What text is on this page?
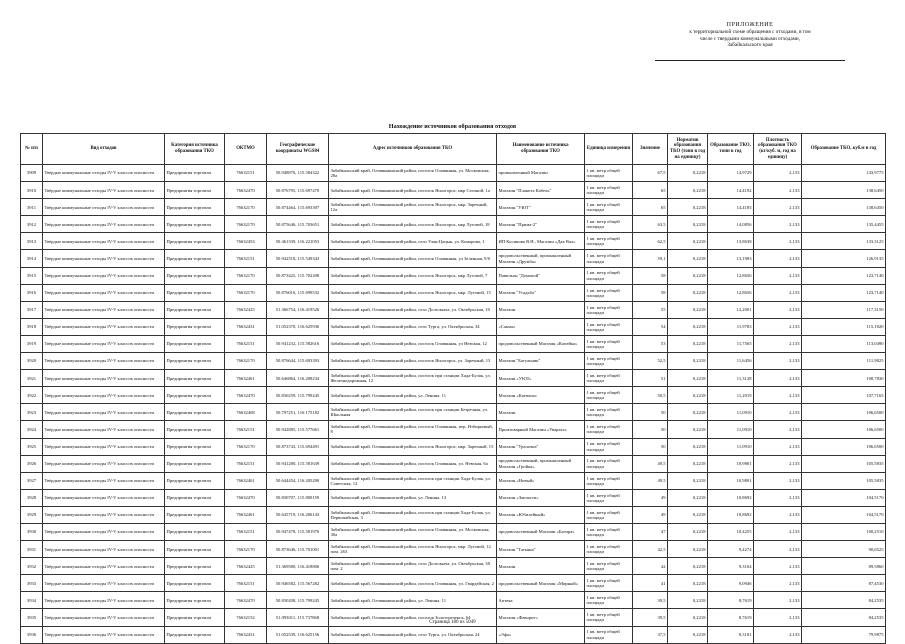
ПРИЛОЖЕНИЕ
к территориальной схеме обращения с отходами, в том
числе с твердыми коммунальными отходами,
Забайкальского края
Нахождение источников образования отходов
№ п/п	Вид отходов	Категория источника образования ТКО	ОКТМО	Географические координаты WGS84	Адрес источников образования ТКО	Наименование источника образования ТКО	Единица измерения	Значение	Норматив образования ТКО (тонн в год на единицу)	Образование ТКО, тонн в год	Плотность образования ТКО (кг/куб. м, год на единицу)	Образование ТКО, куб.м в год
3909	Твёрдые коммунальные отходы IV-V классов опасности	Предприятия торговли	76632151	50.948876, 115.584322	Забайкальский край, Оловяннинский район, поселок Оловянная, ул. Московская, 28а	промышленный Магазин	1 кв. метр общей площади	67,5	0,2218	14,9729	2,133	143,9775
3910	Твёрдые коммунальные отходы IV-V классов опасности	Предприятия торговли	76632470	50.876795, 115.697470	Забайкальский край, Оловяннинский район, поселок Ясногорск, мкр Степной, 1а	Магазин "Планета Кабель"	1 кв. метр общей площади	65	0,2218	14,4192	2,133	138,6450
3911	Твёрдые коммунальные отходы IV-V классов опасности	Предприятия торговли	76632170	50.874464, 115.693397	Забайкальский край, Оловяннинский район, поселок Ясногорск, мкр. Заречный, 12а	Магазин "УЮТ"	1 кв. метр общей площади	65	0,2218	14,4185	2,133	138,6450
3912	Твёрдые коммунальные отходы IV-V классов опасности	Предприятия торговли	76632170	50.875646, 115.703651	Забайкальский край, Оловяннинский район, поселок Ясногорск, мкр Луговой, 18	Магазин "Прима-2"	1 кв. метр общей площади	63,5	0,2218	14,0856	2,133	135,4455
3913	Твёрдые коммунальные отходы IV-V классов опасности	Предприятия торговли	76632453	50.461339, 116.221053	Забайкальский край, Оловяннинский район, село Улан-Цацык, ул. Комарова, 1	ИП Косинова В.Н., Магазин «Дак Вал»	1 кв. метр общей площади	62,5	0,2218	13,8638	2,133	133,3125
3914	Твёрдые коммунальные отходы IV-V классов опасности	Предприятия торговли	76632151	50.942518, 115.549343	Забайкальский край, Оловяннинский район, поселок Оловянная, ул Зеленная, 9/б	продовольственный, промышленный Магазин «Дружба»	1 кв. метр общей площади	59,1	0,2218	13,1983	2,133	126,9135
3915	Твёрдые коммунальные отходы IV-V классов опасности	Предприятия торговли	76632170	50.873425, 115.702208	Забайкальский край, Оловяннинский район, поселок Ясногорск, мкр Луговой, 7	Павильон "Домовой"	1 кв. метр общей площади	58	0,2218	12,8656	2,133	123,7140
3916	Твёрдые коммунальные отходы IV-V классов опасности	Предприятия торговли	76632170	50.876016, 115.699532	Забайкальский край, Оловяннинский район, поселок Ясногорск, мкр. Луговой, 15	Магазин "Усадьба"	1 кв. метр общей площади	58	0,2218	12,8656	2,133	123,7140
3917	Твёрдые коммунальные отходы IV-V классов опасности	Предприятия торговли	76632425	51.366754, 116.419526	Забайкальский край, Оловяннинский район, село Долгокыча, ул. Октябрьская, 10	Магазин	1 кв. метр общей площади	55	0,2218	12,2001	2,133	117,3150
3918	Твёрдые коммунальные отходы IV-V классов опасности	Предприятия торговли	76632431	51.052370, 116.625936	Забайкальский край, Оловяннинский район, село Турга, ул. Октябрьская, 34	«Сакма»	1 кв. метр общей площади	54	0,2218	11,9783	2,133	115,1820
3919	Твёрдые коммунальные отходы IV-V классов опасности	Предприятия торговли	76632151	50.941232, 115.582616	Забайкальский край, Оловяннинский район, поселок Оловянная, ул Невская, 12	продовольственный Магазин «Копейка»	1 кв. метр общей площади	53	0,2218	11,7565	2,133	113,0490
3920	Твёрдые коммунальные отходы IV-V классов опасности	Предприятия торговли	76632170	50.876644, 115.693393	Забайкальский край, Оловяннинский район, поселок Ясногорск, ул. Заречный, 13	Магазин "Багульник"	1 кв. метр общей площади	52,5	0,2218	11,6456	2,133	111,9825
3921	Твёрдые коммунальные отходы IV-V классов опасности	Предприятия торговли	76632461	50.646864, 116.208234	Забайкальский край, Оловяннинский район, поселок при станции Хада-Булак, ул. Железнодорожная, 12	Магазин «УЮТ»	1 кв. метр общей площади	51	0,2218	11,3128	2,133	108,7830
3922	Твёрдые коммунальные отходы IV-V классов опасности	Предприятия торговли	76632470	50.830259, 115.799245	Забайкальский край, Оловяннинский район, ул. Ленина, 11	Магазин «Катюша»	1 кв. метр общей площади	50,5	0,2218	11,2019	2,133	107,7165
3923	Твёрдые коммунальные отходы IV-V классов опасности	Предприятия торговли	76632408	50.797251, 116.175182	Забайкальский край, Оловяннинский район, поселок при станции Безречная, ул. Школьная	Магазин	1 кв. метр общей площади	50	0,2218	11,0910	2,133	106,6500
3924	Твёрдые коммунальные отходы IV-V классов опасности	Предприятия торговли	76632151	50.942885, 115.577661	Забайкальский край, Оловяннинский район, поселок Оловянная, пер. Избирьевый, 8	Промтоварный Магазин «Уварата»	1 кв. метр общей площади	50	0,2218	11,0910	2,133	106,6500
3925	Твёрдые коммунальные отходы IV-V классов опасности	Предприятия торговли	76632170	50.873743, 115.694491	Забайкальский край, Оловяннинский район, поселок Ясногорск, мкр. Заречный, 15	Магазин "Уралочка"	1 кв. метр общей площади	50	0,2218	11,0910	2,133	106,6500
3926	Твёрдые коммунальные отходы IV-V классов опасности	Предприятия торговли	76632151	50.941280, 115.581639	Забайкальский край, Оловяннинский район, поселок Оловянная, ул. Невская, 6а	продовольственный, промышленный Магазин «Гройка»	1 кв. метр общей площади	49,5	0,2218	10,9801	2,133	105,5835
3927	Твёрдые коммунальные отходы IV-V классов опасности	Предприятия торговли	76632461	50.644454, 116.205290	Забайкальский край, Оловяннинский район, поселок при станции Хада-Булак, ул. Советская, 12	Магазин «Новый»	1 кв. метр общей площади	49,5	0,2218	10,9801	2,133	105,5835
3928	Твёрдые коммунальные отходы IV-V классов опасности	Предприятия торговли	76632470	50.830707, 115.800159	Забайкальский край, Оловяннинский район, ул. Ленина, 13	Магазин «Запчасти»	1 кв. метр общей площади	49	0,2218	10,8692	2,133	104,5170
3929	Твёрдые коммунальные отходы IV-V классов опасности	Предприятия торговли	76632461	50.645719, 116.206143	Забайкальский край, Оловяннинский район, поселок при станции Хада-Булак, ул. Первомайская, 3	Магазин «Юбилейный»	1 кв. метр общей площади	49	0,2218	10,8692	2,133	104,5170
3930	Твёрдые коммунальные отходы IV-V классов опасности	Предприятия торговли	76632151	50.947478, 115.581976	Забайкальский край, Оловяннинский район, поселок Оловянная, ул. Московская, 30а	продовольственный Магазин «Багира»	1 кв. метр общей площади	47	0,2218	10,4255	2,133	100,2510
3931	Твёрдые коммунальные отходы IV-V классов опасности	Предприятия торговли	76632170	50.873646, 115.701001	Забайкальский край, Оловяннинский район, поселок Ясногорск, мкр. Луговой, 12 пом. 263	Магазин "Татьяна"	1 кв. метр общей площади	42,5	0,2218	9,4274	2,133	90,6525
3932	Твёрдые коммунальные отходы IV-V классов опасности	Предприятия торговли	76632425	51.369580, 116.418806	Забайкальский край, Оловяннинский район, село Долгокыча, ул. Октябрьская, 38 пом. 2	Магазин	1 кв. метр общей площади	42	0,2218	9,3164	2,133	89,5860
3933	Твёрдые коммунальные отходы IV-V классов опасности	Предприятия торговли	76632151	50.946582, 115.567282	Забайкальский край, Оловяннинский район, поселок Оловянная, ул. Гвардейская, 2	продовольственный Магазин «Мирный»	1 кв. метр общей площади	41	0,2218	9,0946	2,133	87,4530
3934	Твёрдые коммунальные отходы IV-V классов опасности	Предприятия торговли	76632470	50.830208, 115.799245	Забайкальский край, Оловяннинский район, ул. Ленина, 11	Аптека	1 кв. метр общей площади	39,5	0,2218	8,7619	2,133	84,2535
3935	Твёрдые коммунальные отходы IV-V классов опасности	Предприятия торговли	76632152	51.093011, 115.737868	Забайкальский край, Оловяннинский район, поселок Золотореченск, 64	Магазин «Фаворит»	1 кв. метр общей площади	39,5	0,2218	8,7619	2,133	84,2535
3936	Твёрдые коммунальные отходы IV-V классов опасности	Предприятия торговли	76632431	51.052539, 116.625156	Забайкальский край, Оловяннинский район, село Турга, ул. Октябрьская, 24	«Эфа»	1 кв. метр общей площади	37,5	0,2218	8,3181	2,133	79,9875
Страница 180 из 5049
